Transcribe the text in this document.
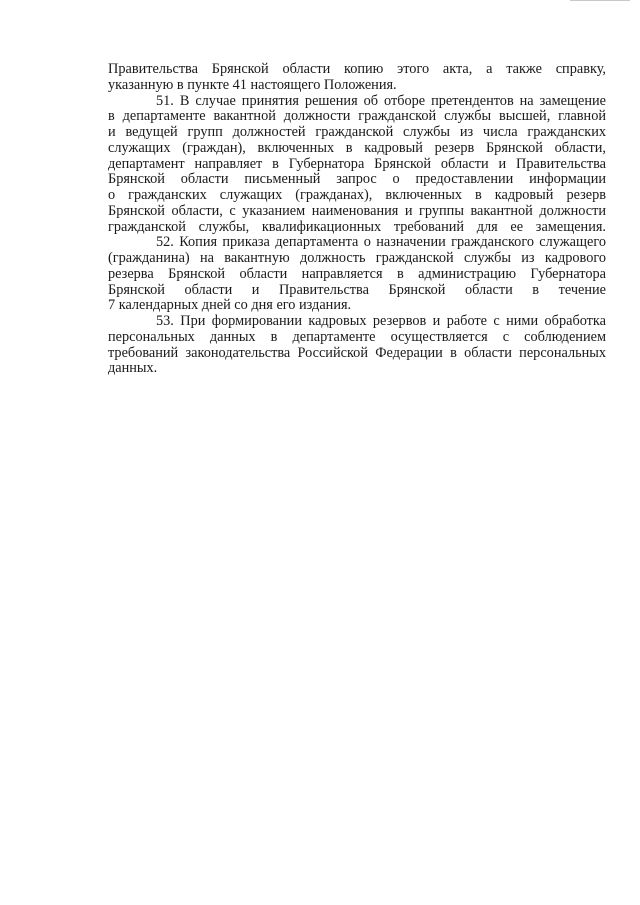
Правительства Брянской области копию этого акта, а также справку,
указанную в пункте 41 настоящего Положения.
51. В случае принятия решения об отборе претендентов на замещение
в департаменте вакантной должности гражданской службы высшей, главной
и ведущей групп должностей гражданской службы из числа гражданских
служащих (граждан), включенных в кадровый резерв Брянской области,
департамент направляет в Губернатора Брянской области и Правительства
Брянской области письменный запрос о предоставлении информации
о гражданских служащих (гражданах), включенных в кадровый резерв
Брянской области, с указанием наименования и группы вакантной должности
гражданской службы, квалификационных требований для ее замещения.
52. Копия приказа департамента о назначении гражданского служащего
(гражданина) на вакантную должность гражданской службы из кадрового
резерва Брянской области направляется в администрацию Губернатора
Брянской области и Правительства Брянской области в течение
7 календарных дней со дня его издания.
53. При формировании кадровых резервов и работе с ними обработка
персональных данных в департаменте осуществляется с соблюдением
требований законодательства Российской Федерации в области персональных
данных.
